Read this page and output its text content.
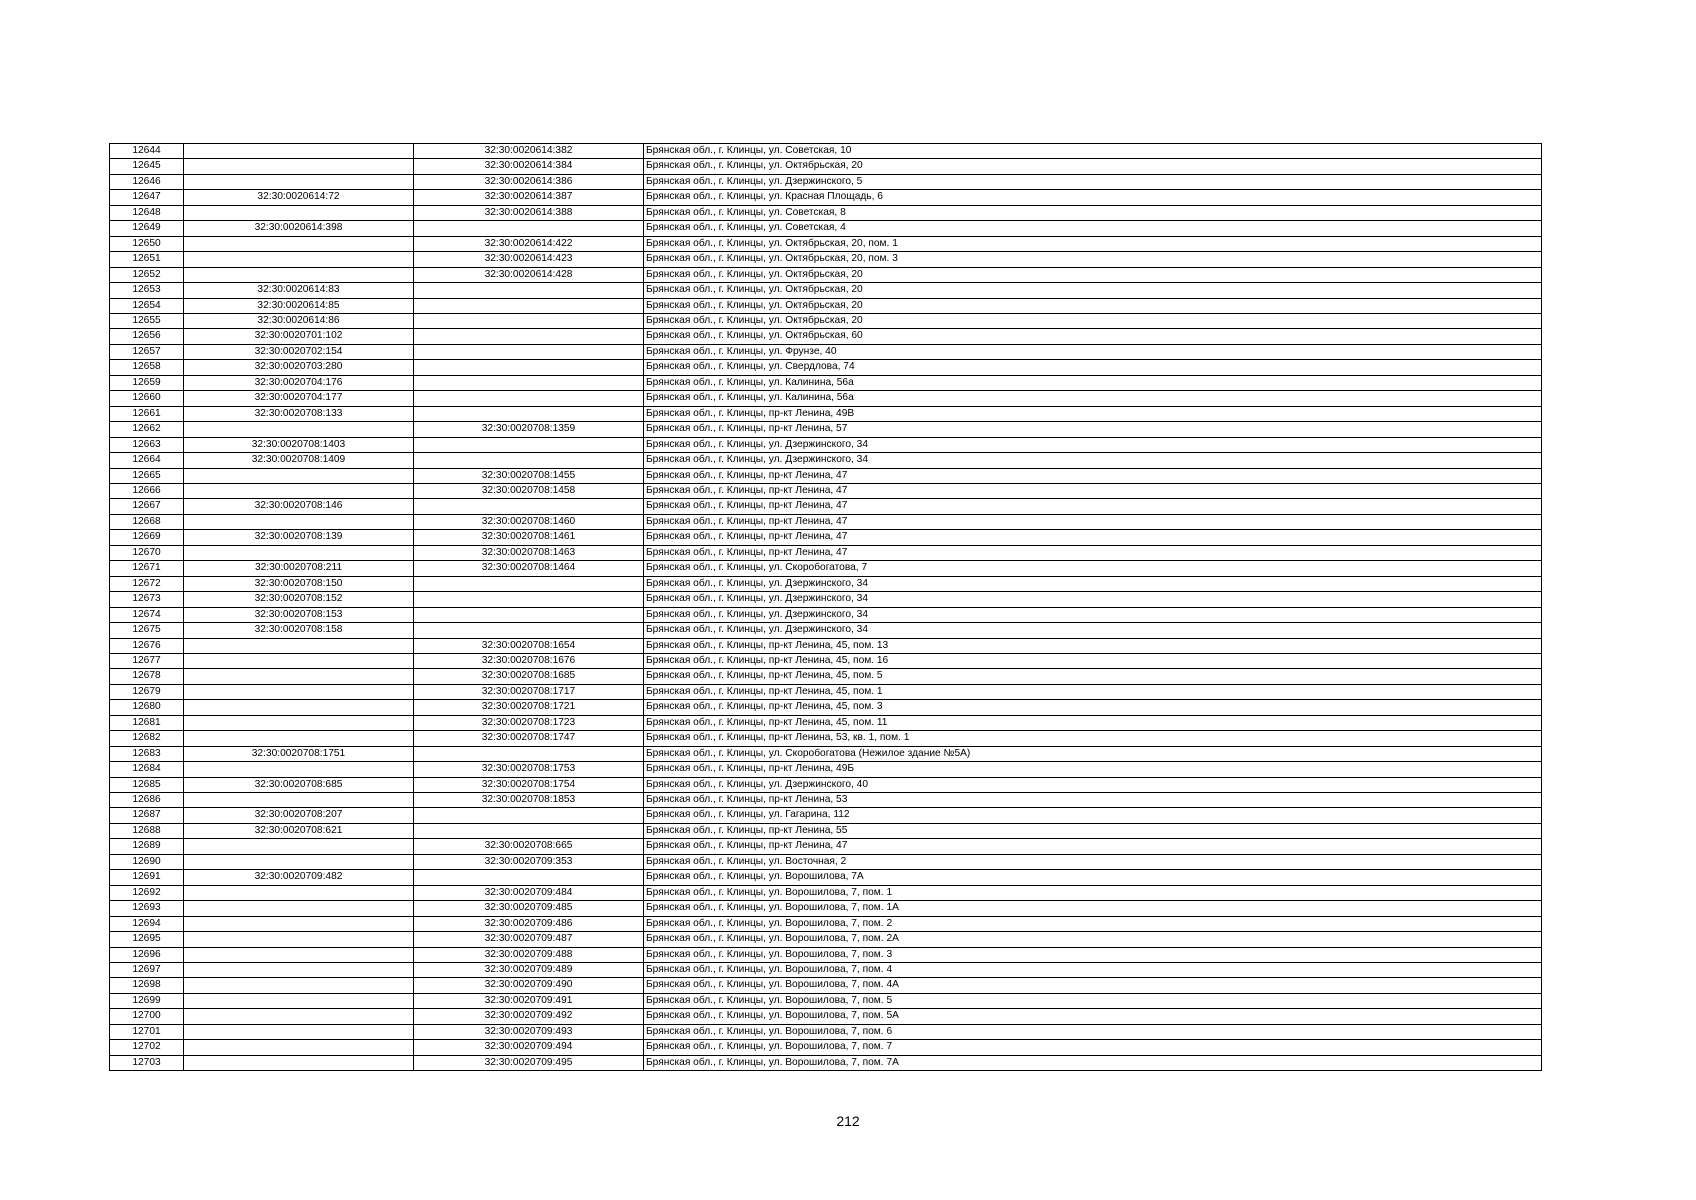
12644		32:30:0020614:382	Брянская обл., г. Клинцы, ул. Советская, 10
12645		32:30:0020614:384	Брянская обл., г. Клинцы, ул. Октябрьская, 20
12646		32:30:0020614:386	Брянская обл., г. Клинцы, ул. Дзержинского, 5
12647	32:30:0020614:72	32:30:0020614:387	Брянская обл., г. Клинцы, ул. Красная Площадь, 6
12648		32:30:0020614:388	Брянская обл., г. Клинцы, ул. Советская, 8
12649	32:30:0020614:398		Брянская обл., г. Клинцы, ул. Советская, 4
12650		32:30:0020614:422	Брянская обл., г. Клинцы, ул. Октябрьская, 20, пом. 1
12651		32:30:0020614:423	Брянская обл., г. Клинцы, ул. Октябрьская, 20, пом. 3
12652		32:30:0020614:428	Брянская обл., г. Клинцы, ул. Октябрьская, 20
12653	32:30:0020614:83		Брянская обл., г. Клинцы, ул. Октябрьская, 20
12654	32:30:0020614:85		Брянская обл., г. Клинцы, ул. Октябрьская, 20
12655	32:30:0020614:86		Брянская обл., г. Клинцы, ул. Октябрьская, 20
12656	32:30:0020701:102		Брянская обл., г. Клинцы, ул. Октябрьская, 60
12657	32:30:0020702:154		Брянская обл., г. Клинцы, ул. Фрунзе, 40
12658	32:30:0020703:280		Брянская обл., г. Клинцы, ул. Свердлова, 74
12659	32:30:0020704:176		Брянская обл., г. Клинцы, ул. Калинина, 56а
12660	32:30:0020704:177		Брянская обл., г. Клинцы, ул. Калинина, 56а
12661	32:30:0020708:133		Брянская обл., г. Клинцы, пр-кт Ленина, 49В
12662		32:30:0020708:1359	Брянская обл., г. Клинцы, пр-кт Ленина, 57
12663	32:30:0020708:1403		Брянская обл., г. Клинцы, ул. Дзержинского, 34
12664	32:30:0020708:1409		Брянская обл., г. Клинцы, ул. Дзержинского, 34
12665		32:30:0020708:1455	Брянская обл., г. Клинцы, пр-кт Ленина, 47
12666		32:30:0020708:1458	Брянская обл., г. Клинцы, пр-кт Ленина, 47
12667	32:30:0020708:146		Брянская обл., г. Клинцы, пр-кт Ленина, 47
12668		32:30:0020708:1460	Брянская обл., г. Клинцы, пр-кт Ленина, 47
12669	32:30:0020708:139	32:30:0020708:1461	Брянская обл., г. Клинцы, пр-кт Ленина, 47
12670		32:30:0020708:1463	Брянская обл., г. Клинцы, пр-кт Ленина, 47
12671	32:30:0020708:211	32:30:0020708:1464	Брянская обл., г. Клинцы, ул. Скоробогатова, 7
12672	32:30:0020708:150		Брянская обл., г. Клинцы, ул. Дзержинского, 34
12673	32:30:0020708:152		Брянская обл., г. Клинцы, ул. Дзержинского, 34
12674	32:30:0020708:153		Брянская обл., г. Клинцы, ул. Дзержинского, 34
12675	32:30:0020708:158		Брянская обл., г. Клинцы, ул. Дзержинского, 34
12676		32:30:0020708:1654	Брянская обл., г. Клинцы, пр-кт Ленина, 45, пом. 13
12677		32:30:0020708:1676	Брянская обл., г. Клинцы, пр-кт Ленина, 45, пом. 16
12678		32:30:0020708:1685	Брянская обл., г. Клинцы, пр-кт Ленина, 45, пом. 5
12679		32:30:0020708:1717	Брянская обл., г. Клинцы, пр-кт Ленина, 45, пом. 1
12680		32:30:0020708:1721	Брянская обл., г. Клинцы, пр-кт Ленина, 45, пом. 3
12681		32:30:0020708:1723	Брянская обл., г. Клинцы, пр-кт Ленина, 45, пом. 11
12682		32:30:0020708:1747	Брянская обл., г. Клинцы, пр-кт Ленина, 53, кв. 1, пом. 1
12683	32:30:0020708:1751		Брянская обл., г. Клинцы, ул. Скоробогатова (Нежилое здание №5А)
12684		32:30:0020708:1753	Брянская обл., г. Клинцы, пр-кт Ленина, 49Б
12685	32:30:0020708:685	32:30:0020708:1754	Брянская обл., г. Клинцы, ул. Дзержинского, 40
12686		32:30:0020708:1853	Брянская обл., г. Клинцы, пр-кт Ленина, 53
12687	32:30:0020708:207		Брянская обл., г. Клинцы, ул. Гагарина, 112
12688	32:30:0020708:621		Брянская обл., г. Клинцы, пр-кт Ленина, 55
12689		32:30:0020708:665	Брянская обл., г. Клинцы, пр-кт Ленина, 47
12690		32:30:0020709:353	Брянская обл., г. Клинцы, ул. Восточная, 2
12691	32:30:0020709:482		Брянская обл., г. Клинцы, ул. Ворошилова, 7А
12692		32:30:0020709:484	Брянская обл., г. Клинцы, ул. Ворошилова, 7, пом. 1
12693		32:30:0020709:485	Брянская обл., г. Клинцы, ул. Ворошилова, 7, пом. 1А
12694		32:30:0020709:486	Брянская обл., г. Клинцы, ул. Ворошилова, 7, пом. 2
12695		32:30:0020709:487	Брянская обл., г. Клинцы, ул. Ворошилова, 7, пом. 2А
12696		32:30:0020709:488	Брянская обл., г. Клинцы, ул. Ворошилова, 7, пом. 3
12697		32:30:0020709:489	Брянская обл., г. Клинцы, ул. Ворошилова, 7, пом. 4
12698		32:30:0020709:490	Брянская обл., г. Клинцы, ул. Ворошилова, 7, пом. 4А
12699		32:30:0020709:491	Брянская обл., г. Клинцы, ул. Ворошилова, 7, пом. 5
12700		32:30:0020709:492	Брянская обл., г. Клинцы, ул. Ворошилова, 7, пом. 5А
12701		32:30:0020709:493	Брянская обл., г. Клинцы, ул. Ворошилова, 7, пом. 6
12702		32:30:0020709:494	Брянская обл., г. Клинцы, ул. Ворошилова, 7, пом. 7
12703		32:30:0020709:495	Брянская обл., г. Клинцы, ул. Ворошилова, 7, пом. 7А
212
